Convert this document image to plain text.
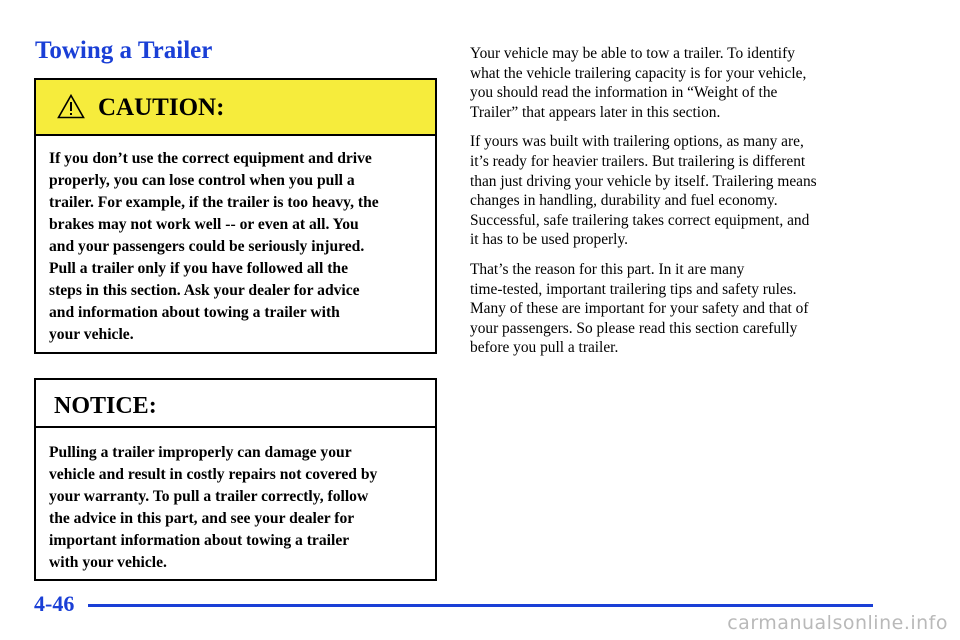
Towing a Trailer
CAUTION:
If you don’t use the correct equipment and drive
properly, you can lose control when you pull a
trailer. For example, if the trailer is too heavy, the
brakes may not work well -- or even at all. You
and your passengers could be seriously injured.
Pull a trailer only if you have followed all the
steps in this section. Ask your dealer for advice
and information about towing a trailer with
your vehicle.
NOTICE:
Pulling a trailer improperly can damage your
vehicle and result in costly repairs not covered by
your warranty. To pull a trailer correctly, follow
the advice in this part, and see your dealer for
important information about towing a trailer
with your vehicle.

Your vehicle may be able to tow a trailer. To identify
what the vehicle trailering capacity is for your vehicle,
you should read the information in “Weight of the
Trailer” that appears later in this section.

If yours was built with trailering options, as many are,
it’s ready for heavier trailers. But trailering is different
than just driving your vehicle by itself. Trailering means
changes in handling, durability and fuel economy.
Successful, safe trailering takes correct equipment, and
it has to be used properly.

That’s the reason for this part. In it are many
time-tested, important trailering tips and safety rules.
Many of these are important for your safety and that of
your passengers. So please read this section carefully
before you pull a trailer.

4-46
carmanualsonline.info
